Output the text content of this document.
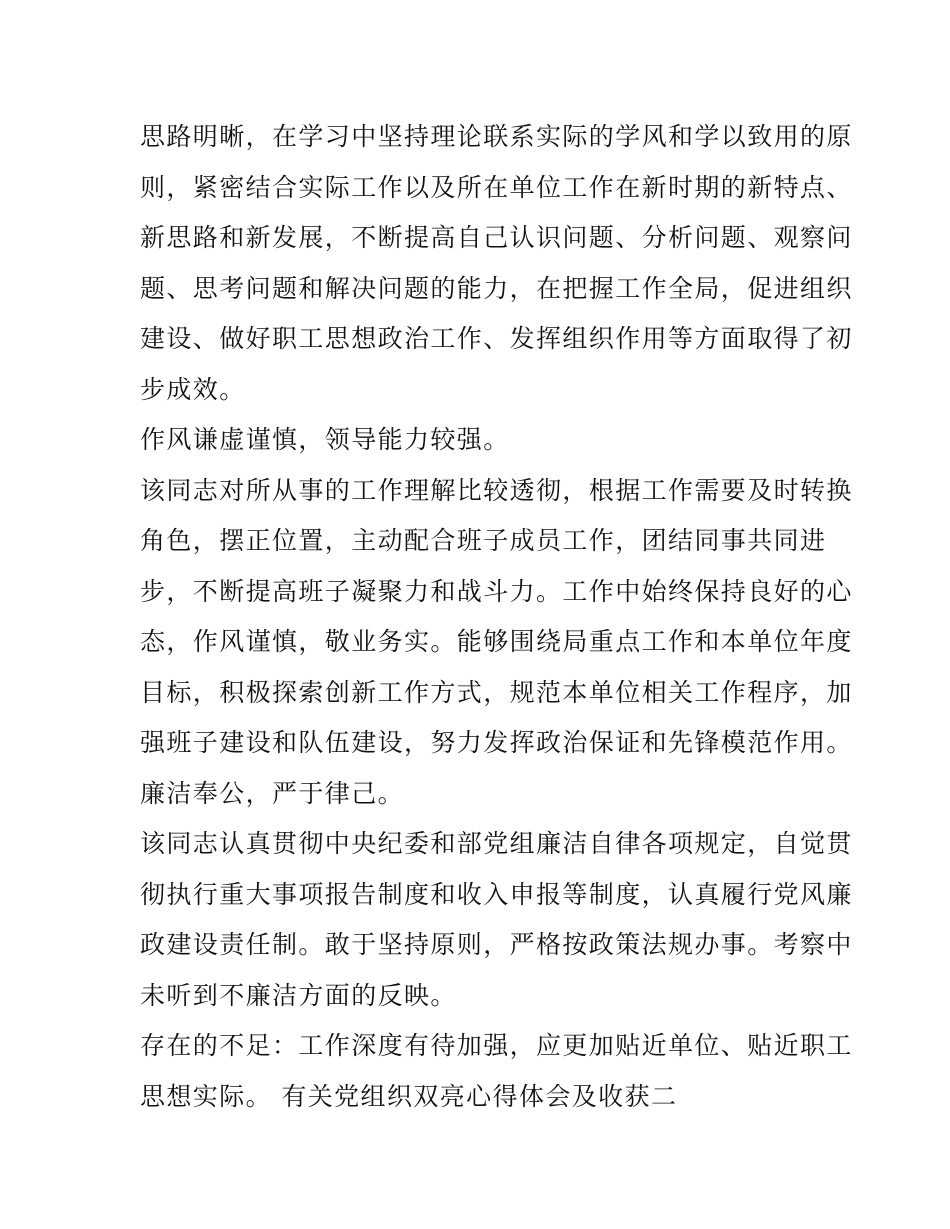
思路明晰，在学习中坚持理论联系实际的学风和学以致用的原
则，紧密结合实际工作以及所在单位工作在新时期的新特点、
新思路和新发展，不断提高自己认识问题、分析问题、观察问
题、思考问题和解决问题的能力，在把握工作全局，促进组织
建设、做好职工思想政治工作、发挥组织作用等方面取得了初
步成效。
作风谦虚谨慎，领导能力较强。
该同志对所从事的工作理解比较透彻，根据工作需要及时转换
角色，摆正位置，主动配合班子成员工作，团结同事共同进
步，不断提高班子凝聚力和战斗力。工作中始终保持良好的心
态，作风谨慎，敬业务实。能够围绕局重点工作和本单位年度
目标，积极探索创新工作方式，规范本单位相关工作程序，加
强班子建设和队伍建设，努力发挥政治保证和先锋模范作用。
廉洁奉公，严于律己。
该同志认真贯彻中央纪委和部党组廉洁自律各项规定，自觉贯
彻执行重大事项报告制度和收入申报等制度，认真履行党风廉
政建设责任制。敢于坚持原则，严格按政策法规办事。考察中
未听到不廉洁方面的反映。
存在的不足：工作深度有待加强，应更加贴近单位、贴近职工
思想实际。 有关党组织双亮心得体会及收获二
